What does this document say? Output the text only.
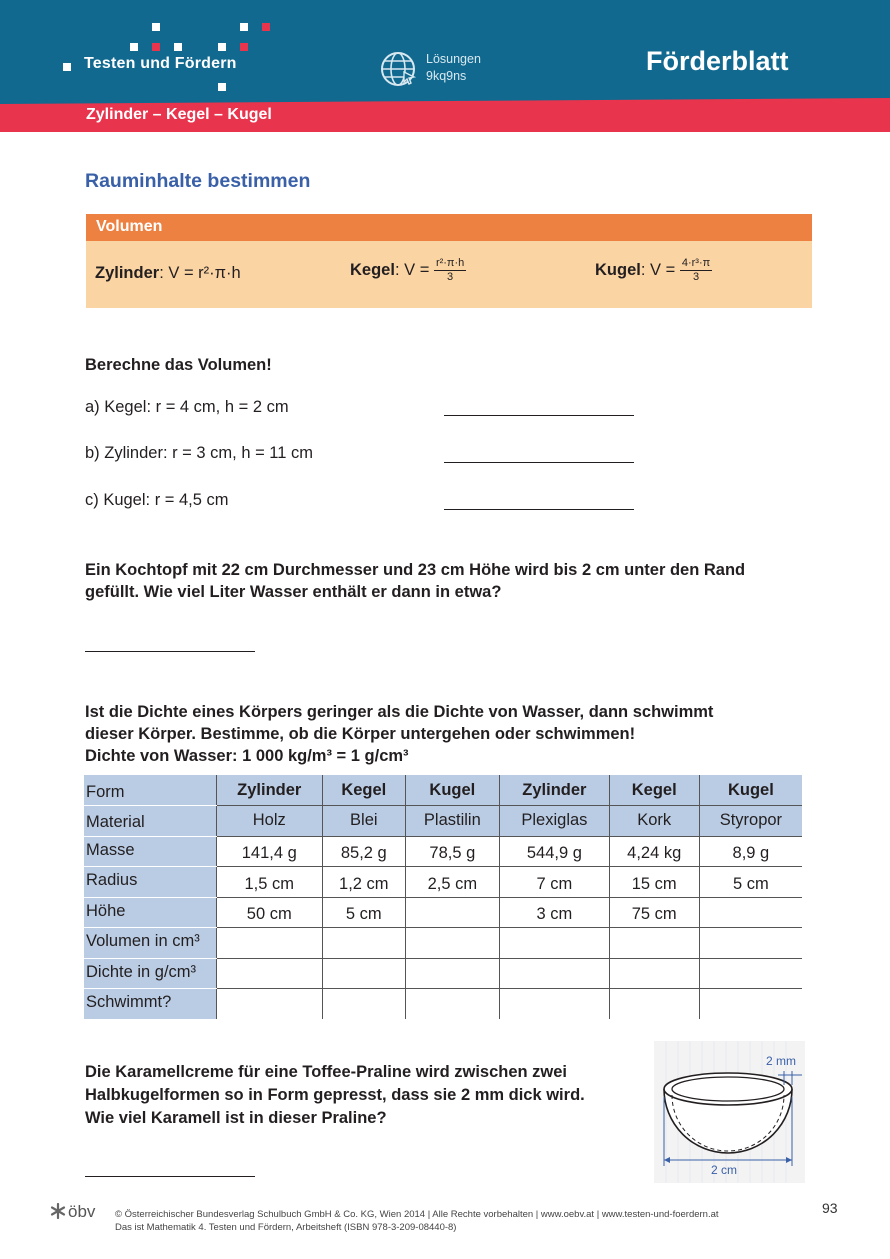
Testen und Fördern	Lösungen
9kq9ns	Förderblatt
Zylinder – Kegel – Kugel
Rauminhalte bestimmen
Volumen
Zylinder: V = r²·π·h	Kegel: $V = \frac{\text{r²·π·h}}{3}$	Kugel: $V = \frac{\text{4·r³·π}}{3}$
Berechne das Volumen!
a) Kegel: r = 4 cm, h = 2 cm
b) Zylinder: r = 3 cm, h = 11 cm
c) Kugel: r = 4,5 cm
Ein Kochtopf mit 22 cm Durchmesser und 23 cm Höhe wird bis 2 cm unter den Rand
gefüllt. Wie viel Liter Wasser enthält er dann in etwa?
Ist die Dichte eines Körpers geringer als die Dichte von Wasser, dann schwimmt
dieser Körper. Bestimme, ob die Körper untergehen oder schwimmen!
Dichte von Wasser: 1 000 kg/m³ = 1 g/cm³
Form	Zylinder	Kegel	Kugel	Zylinder	Kegel	Kugel
Material	Holz	Blei	Plastilin	Plexiglas	Kork	Styropor
Masse	141,4 g	85,2 g	78,5 g	544,9 g	4,24 kg	8,9 g
Radius	1,5 cm	1,2 cm	2,5 cm	7 cm	15 cm	5 cm
Höhe	50 cm	5 cm		3 cm	75 cm	
Volumen in cm³						
Dichte in g/cm³						
Schwimmt?						
Die Karamellcreme für eine Toffee-Praline wird zwischen zwei
Halbkugelformen so in Form gepresst, dass sie 2 mm dick wird.
Wie viel Karamell ist in dieser Praline?
2 mm
2 cm
öbv © Österreichischer Bundesverlag Schulbuch GmbH & Co. KG, Wien 2014 | Alle Rechte vorbehalten | www.oebv.at | www.testen-und-foerdern.at
Das ist Mathematik 4. Testen und Fördern, Arbeitsheft (ISBN 978-3-209-08440-8)
93
